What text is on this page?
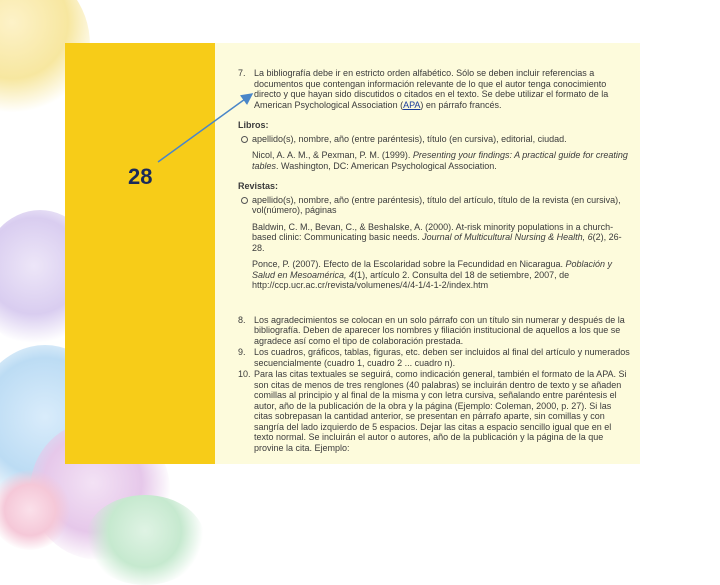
7. La bibliografía debe ir en estricto orden alfabético. Sólo se deben incluir referencias a documentos que contengan información relevante de lo que el autor tenga conocimiento directo y que hayan sido discutidos o citados en el texto. Se debe utilizar el formato de la American Psychological Association (APA) en párrafo francés.
Libros:
apellido(s), nombre, año (entre paréntesis), título (en cursiva), editorial, ciudad.
Nicol, A. A. M., & Pexman, P. M. (1999). Presenting your findings: A practical guide for creating tables. Washington, DC: American Psychological Association.
Revistas:
apellido(s), nombre, año (entre paréntesis), título del artículo, título de la revista (en cursiva), vol(número), páginas
Baldwin, C. M., Bevan, C., & Beshalske, A. (2000). At-risk minority populations in a church-based clinic: Communicating basic needs. Journal of Multicultural Nursing & Health, 6(2), 26-28.
Ponce, P. (2007). Efecto de la Escolaridad sobre la Fecundidad en Nicaragua. Población y Salud en Mesoamérica, 4(1), artículo 2. Consulta del 18 de setiembre, 2007, de http://ccp.ucr.ac.cr/revista/volumenes/4/4-1/4-1-2/index.htm
8. Los agradecimientos se colocan en un solo párrafo con un título sin numerar y después de la bibliografía. Deben de aparecer los nombres y filiación institucional de aquellos a los que se agradece así como el tipo de colaboración prestada.
9. Los cuadros, gráficos, tablas, figuras, etc. deben ser incluidos al final del artículo y numerados secuencialmente (cuadro 1, cuadro 2 ... cuadro n).
10. Para las citas textuales se seguirá, como indicación general, también el formato de la APA. Si son citas de menos de tres renglones (40 palabras) se incluirán dentro de texto y se añaden comillas al principio y al final de la misma y con letra cursiva, señalando entre paréntesis el autor, año de la publicación de la obra y la página (Ejemplo: Coleman, 2000, p. 27). Si las citas sobrepasan la cantidad anterior, se presentan en párrafo aparte, sin comillas y con sangría del lado izquierdo de 5 espacios. Dejar las citas a espacio sencillo igual que en el texto normal. Se incluirán el autor o autores, año de la publicación y la página de la que provine la cita. Ejemplo:
28
